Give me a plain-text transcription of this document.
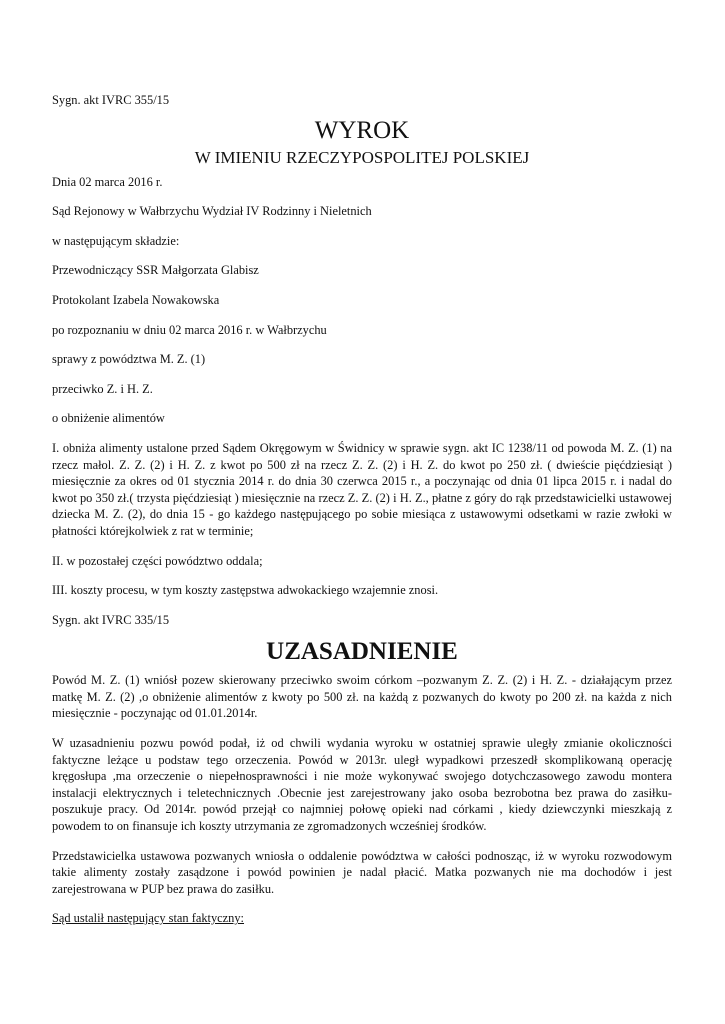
Sygn. akt IVRC 355/15

WYROK

W IMIENIU RZECZYPOSPOLITEJ POLSKIEJ

Dnia 02 marca 2016 r.

Sąd Rejonowy w Wałbrzychu Wydział IV Rodzinny i Nieletnich

w następującym składzie:

Przewodniczący SSR Małgorzata Glabisz

Protokolant Izabela Nowakowska

po rozpoznaniu w dniu 02 marca 2016 r. w Wałbrzychu

sprawy z powództwa M. Z. (1)

przeciwko Z. i H. Z.

o obniżenie alimentów

I. obniża alimenty ustalone przed Sądem Okręgowym w Świdnicy w sprawie sygn. akt IC 1238/11 od powoda M. Z. (1) na rzecz małol. Z. Z. (2) i H. Z. z kwot po 500 zł na rzecz Z. Z. (2) i H. Z. do kwot po 250 zł. ( dwieście pięćdziesiąt ) miesięcznie za okres od 01 stycznia 2014 r. do dnia 30 czerwca 2015 r., a poczynając od dnia 01 lipca 2015 r. i nadal do kwot po 350 zł.( trzysta pięćdziesiąt ) miesięcznie na rzecz Z. Z. (2) i H. Z., płatne z góry do rąk przedstawicielki ustawowej dziecka M. Z. (2), do dnia 15 - go każdego następującego po sobie miesiąca z ustawowymi odsetkami w razie zwłoki w płatności którejkolwiek z rat w terminie;

II. w pozostałej części powództwo oddala;

III. koszty procesu, w tym koszty zastępstwa adwokackiego wzajemnie znosi.

Sygn. akt IVRC 335/15

UZASADNIENIE

Powód M. Z. (1) wniósł pozew skierowany przeciwko swoim córkom –pozwanym Z. Z. (2) i H. Z. - działającym przez matkę M. Z. (2) ,o obniżenie alimentów z kwoty po 500 zł. na każdą z pozwanych do kwoty po 200 zł. na każda z nich miesięcznie - poczynając od 01.01.2014r.

W uzasadnieniu pozwu powód podał, iż od chwili wydania wyroku w ostatniej sprawie uległy zmianie okoliczności faktyczne leżące u podstaw tego orzeczenia. Powód w 2013r. uległ wypadkowi przeszedł skomplikowaną operację kręgosłupa ,ma orzeczenie o niepełnosprawności i nie może wykonywać swojego dotychczasowego zawodu montera instalacji elektrycznych i teletechnicznych .Obecnie jest zarejestrowany jako osoba bezrobotna bez prawa do zasiłku- poszukuje pracy. Od 2014r. powód przejął co najmniej połowę opieki nad córkami , kiedy dziewczynki mieszkają z powodem to on finansuje ich koszty utrzymania ze zgromadzonych wcześniej środków.

Przedstawicielka ustawowa pozwanych wniosła o oddalenie powództwa w całości podnosząc, iż w wyroku rozwodowym takie alimenty zostały zasądzone i powód powinien je nadal płacić. Matka pozwanych nie ma dochodów i jest zarejestrowana w PUP bez prawa do zasiłku.

Sąd ustalił następujący stan faktyczny:
